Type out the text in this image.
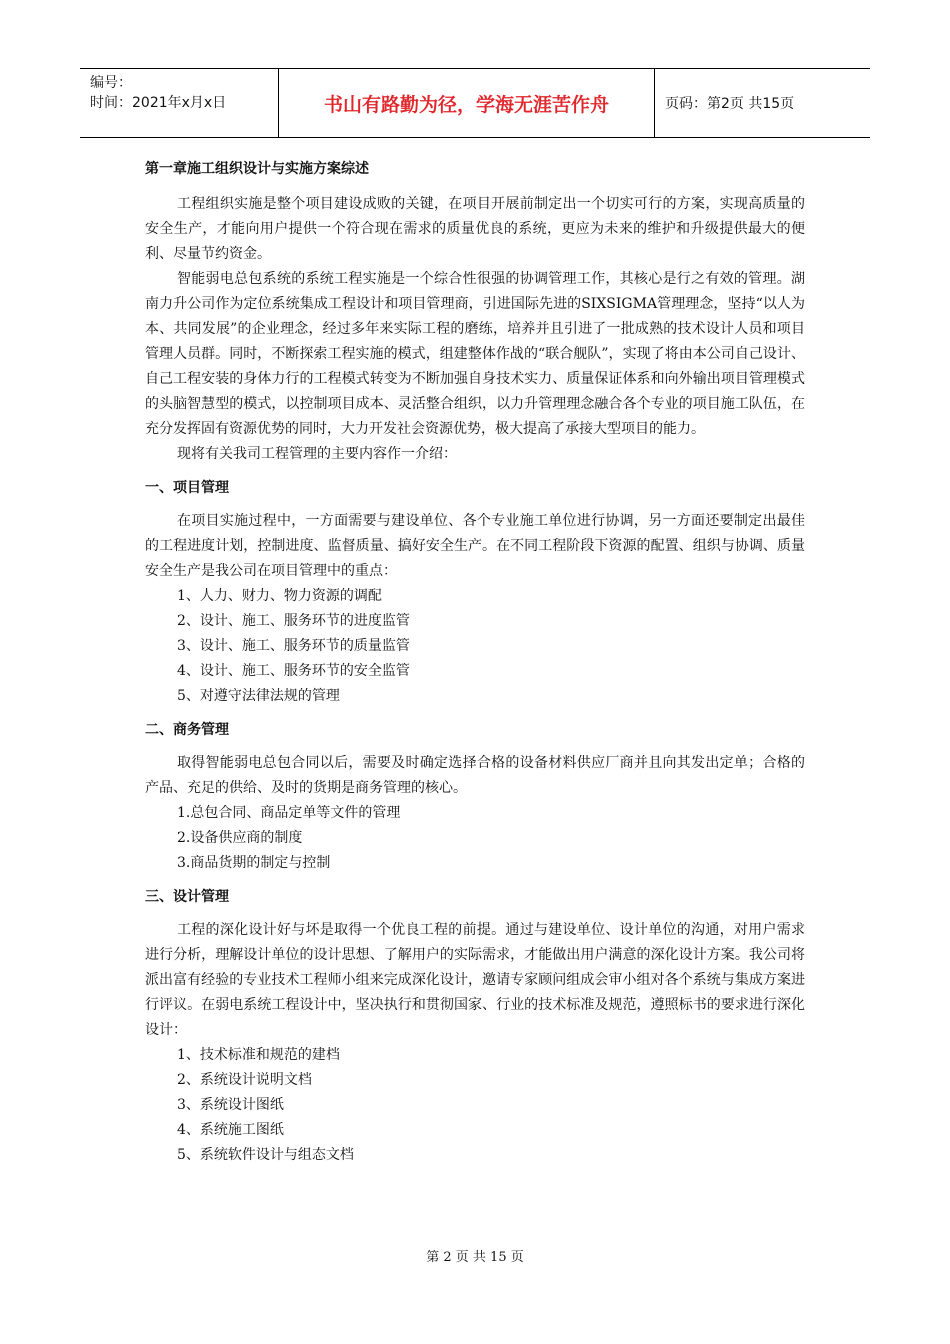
编号：
时间：2021年x月x日	书山有路勤为径，学海无涯苦作舟	页码：第2页 共15页
第一章施工组织设计与实施方案综述

工程组织实施是整个项目建设成败的关键，在项目开展前制定出一个切实可行的方案，实现高质量的安全生产，才能向用户提供一个符合现在需求的质量优良的系统，更应为未来的维护和升级提供最大的便利、尽量节约资金。

智能弱电总包系统的系统工程实施是一个综合性很强的协调管理工作，其核心是行之有效的管理。湖南力升公司作为定位系统集成工程设计和项目管理商，引进国际先进的SIXSIGMA管理理念，坚持“以人为本、共同发展”的企业理念，经过多年来实际工程的磨练，培养并且引进了一批成熟的技术设计人员和项目管理人员群。同时，不断探索工程实施的模式，组建整体作战的“联合舰队”，实现了将由本公司自己设计、自己工程安装的身体力行的工程模式转变为不断加强自身技术实力、质量保证体系和向外输出项目管理模式的头脑智慧型的模式，以控制项目成本、灵活整合组织，以力升管理理念融合各个专业的项目施工队伍，在充分发挥固有资源优势的同时，大力开发社会资源优势，极大提高了承接大型项目的能力。

现将有关我司工程管理的主要内容作一介绍：

一、项目管理

在项目实施过程中，一方面需要与建设单位、各个专业施工单位进行协调，另一方面还要制定出最佳的工程进度计划，控制进度、监督质量、搞好安全生产。在不同工程阶段下资源的配置、组织与协调、质量安全生产是我公司在项目管理中的重点：

1、人力、财力、物力资源的调配

2、设计、施工、服务环节的进度监管

3、设计、施工、服务环节的质量监管

4、设计、施工、服务环节的安全监管

5、对遵守法律法规的管理

二、商务管理

取得智能弱电总包合同以后，需要及时确定选择合格的设备材料供应厂商并且向其发出定单；合格的产品、充足的供给、及时的货期是商务管理的核心。

1.总包合同、商品定单等文件的管理

2.设备供应商的制度

3.商品货期的制定与控制

三、设计管理

工程的深化设计好与坏是取得一个优良工程的前提。通过与建设单位、设计单位的沟通，对用户需求进行分析，理解设计单位的设计思想、了解用户的实际需求，才能做出用户满意的深化设计方案。我公司将派出富有经验的专业技术工程师小组来完成深化设计，邀请专家顾问组成会审小组对各个系统与集成方案进行评议。在弱电系统工程设计中，坚决执行和贯彻国家、行业的技术标准及规范，遵照标书的要求进行深化设计：

1、技术标准和规范的建档

2、系统设计说明文档

3、系统设计图纸

4、系统施工图纸

5、系统软件设计与组态文档

第 2 页 共 15 页
